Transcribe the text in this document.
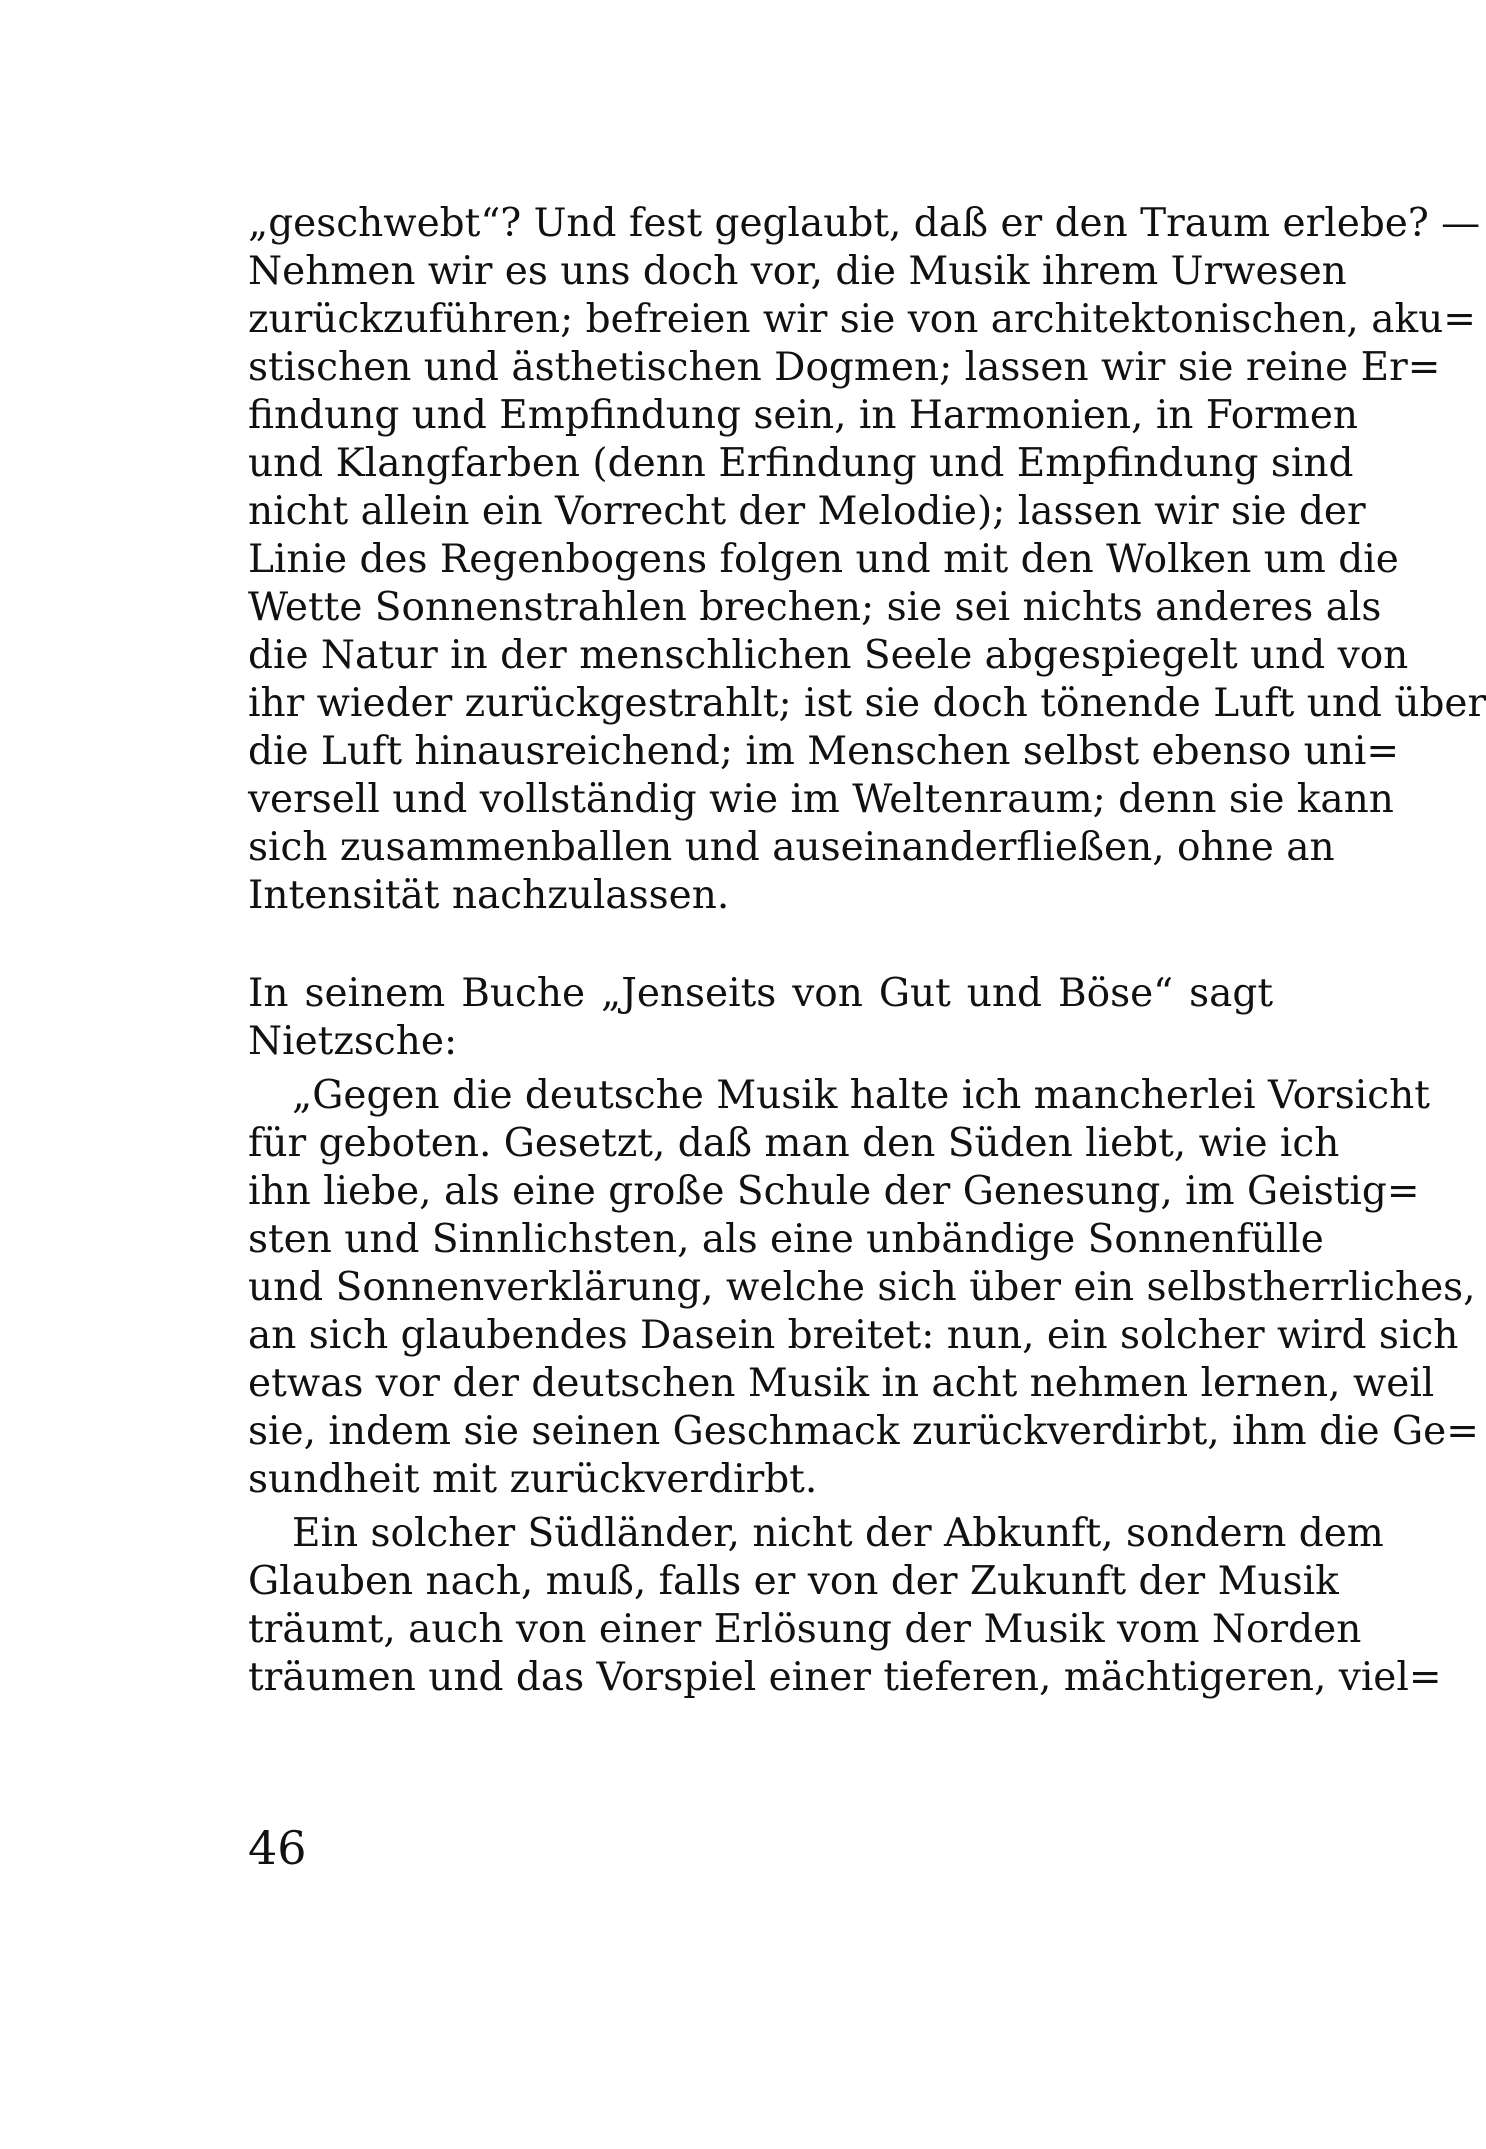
„geschwebt“? Und fest geglaubt, daß er den Traum erlebe? —
Nehmen wir es uns doch vor, die Musik ihrem Urwesen
zurückzuführen; befreien wir sie von architektonischen, aku=
stischen und ästhetischen Dogmen; lassen wir sie reine Er=
findung und Empfindung sein, in Harmonien, in Formen
und Klangfarben (denn Erfindung und Empfindung sind
nicht allein ein Vorrecht der Melodie); lassen wir sie der
Linie des Regenbogens folgen und mit den Wolken um die
Wette Sonnenstrahlen brechen; sie sei nichts anderes als
die Natur in der menschlichen Seele abgespiegelt und von
ihr wieder zurückgestrahlt; ist sie doch tönende Luft und über
die Luft hinausreichend; im Menschen selbst ebenso uni=
versell und vollständig wie im Weltenraum; denn sie kann
sich zusammenballen und auseinanderfließen, ohne an
Intensität nachzulassen.
In seinem Buche „Jenseits von Gut und Böse“ sagt
Nietzsche:
„Gegen die deutsche Musik halte ich mancherlei Vorsicht
für geboten. Gesetzt, daß man den Süden liebt, wie ich
ihn liebe, als eine große Schule der Genesung, im Geistig=
sten und Sinnlichsten, als eine unbändige Sonnenfülle
und Sonnenverklärung, welche sich über ein selbstherrliches,
an sich glaubendes Dasein breitet: nun, ein solcher wird sich
etwas vor der deutschen Musik in acht nehmen lernen, weil
sie, indem sie seinen Geschmack zurückverdirbt, ihm die Ge=
sundheit mit zurückverdirbt.
Ein solcher Südländer, nicht der Abkunft, sondern dem
Glauben nach, muß, falls er von der Zukunft der Musik
träumt, auch von einer Erlösung der Musik vom Norden
träumen und das Vorspiel einer tieferen, mächtigeren, viel=
46
